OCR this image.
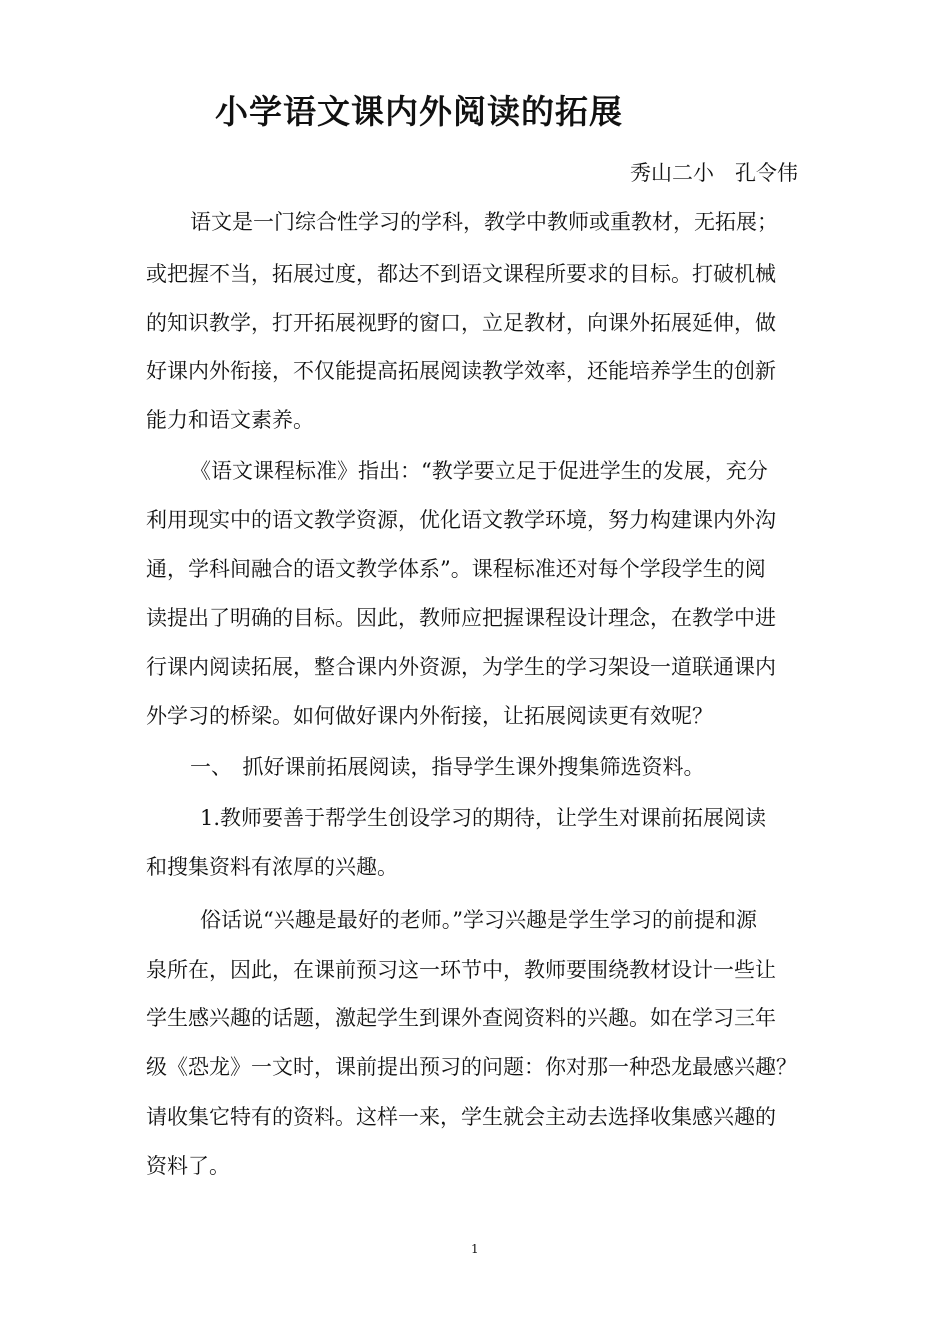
小学语文课内外阅读的拓展

秀山二小　孔令伟

语文是一门综合性学习的学科，教学中教师或重教材，无拓展；

或把握不当，拓展过度，都达不到语文课程所要求的目标。打破机械

的知识教学，打开拓展视野的窗口，立足教材，向课外拓展延伸，做

好课内外衔接，不仅能提高拓展阅读教学效率，还能培养学生的创新

能力和语文素养。

《语文课程标准》指出：“教学要立足于促进学生的发展，充分

利用现实中的语文教学资源，优化语文教学环境，努力构建课内外沟

通，学科间融合的语文教学体系”。课程标准还对每个学段学生的阅

读提出了明确的目标。因此，教师应把握课程设计理念，在教学中进

行课内阅读拓展，整合课内外资源，为学生的学习架设一道联通课内

外学习的桥梁。如何做好课内外衔接，让拓展阅读更有效呢？

一、　抓好课前拓展阅读，指导学生课外搜集筛选资料。

1.教师要善于帮学生创设学习的期待，让学生对课前拓展阅读

和搜集资料有浓厚的兴趣。

俗话说“兴趣是最好的老师。”学习兴趣是学生学习的前提和源

泉所在，因此，在课前预习这一环节中，教师要围绕教材设计一些让

学生感兴趣的话题，激起学生到课外查阅资料的兴趣。如在学习三年

级《恐龙》一文时，课前提出预习的问题：你对那一种恐龙最感兴趣？

请收集它特有的资料。这样一来，学生就会主动去选择收集感兴趣的

资料了。

1
